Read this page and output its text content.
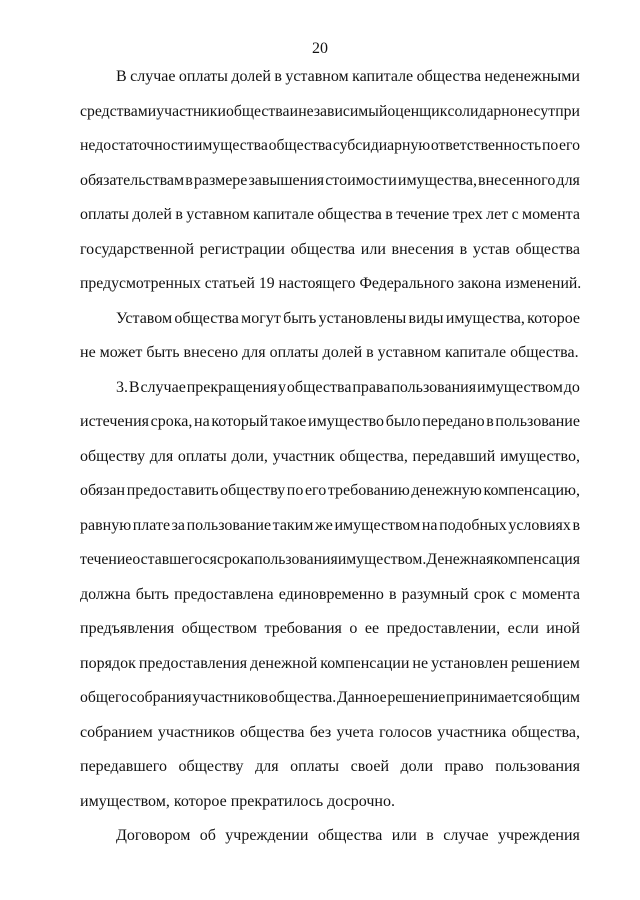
20
В случае оплаты долей в уставном капитале общества неденежными
средствами участники общества и независимый оценщик солидарно несут при
недостаточности имущества общества субсидиарную ответственность по его
обязательствам в размере завышения стоимости имущества, внесенного для
оплаты долей в уставном капитале общества в течение трех лет с момента
государственной регистрации общества или внесения в устав общества
предусмотренных статьей 19 настоящего Федерального закона изменений.
Уставом общества могут быть установлены виды имущества, которое
не может быть внесено для оплаты долей в уставном капитале общества.
3. В случае прекращения у общества права пользования имуществом до
истечения срока, на который такое имущество было передано в пользование
обществу для оплаты доли, участник общества, передавший имущество,
обязан предоставить обществу по его требованию денежную компенсацию,
равную плате за пользование таким же имуществом на подобных условиях в
течение оставшегося срока пользования имуществом. Денежная компенсация
должна быть предоставлена единовременно в разумный срок с момента
предъявления обществом требования о ее предоставлении, если иной
порядок предоставления денежной компенсации не установлен решением
общего собрания участников общества. Данное решение принимается общим
собранием участников общества без учета голосов участника общества,
передавшего обществу для оплаты своей доли право пользования
имуществом, которое прекратилось досрочно.
Договором об учреждении общества или в случае учреждения
